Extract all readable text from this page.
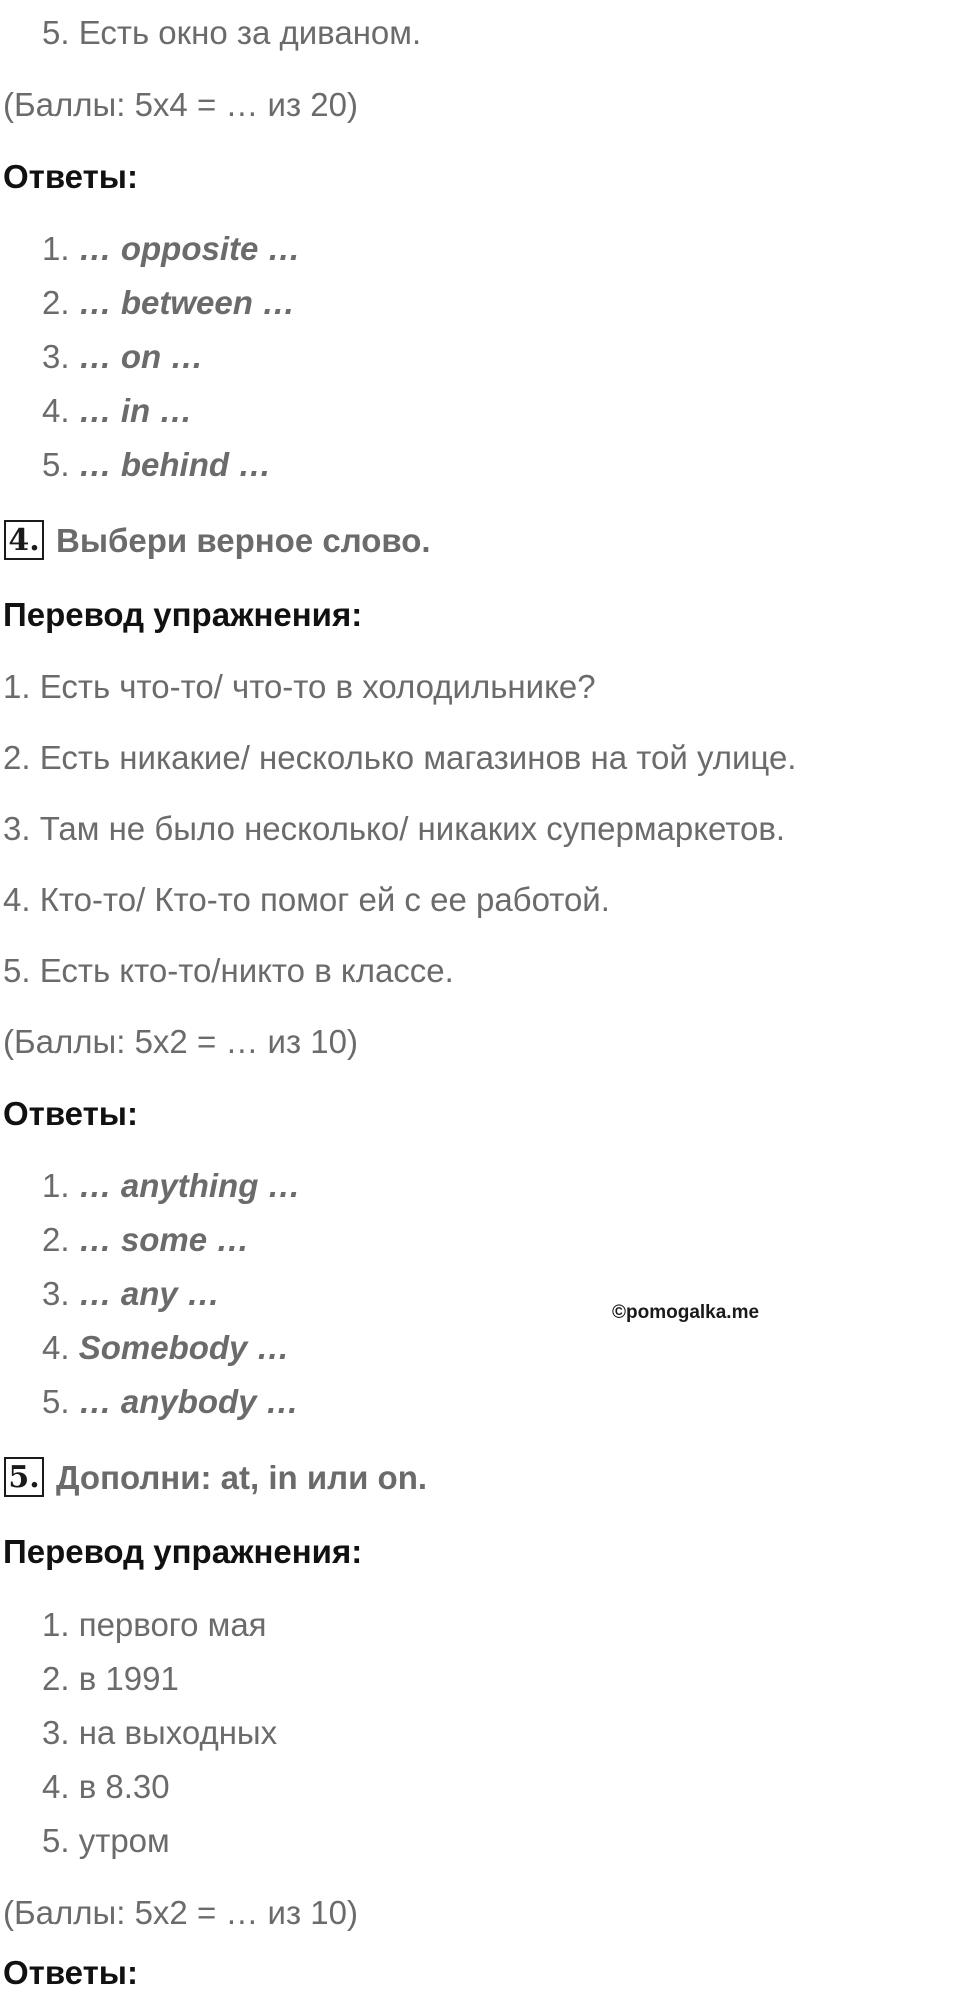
5. Есть окно за диваном.
(Баллы: 5х4 = … из 20)
Ответы:
1. … opposite …
2. … between …
3. … on …
4. … in …
5. … behind …
4. Выбери верное слово.
Перевод упражнения:
1. Есть что-то/ что-то в холодильнике?
2. Есть никакие/ несколько магазинов на той улице.
3. Там не было несколько/ никаких супермаркетов.
4. Кто-то/ Кто-то помог ей с ее работой.
5. Есть кто-то/никто в классе.
(Баллы: 5х2 = … из 10)
Ответы:
1. … anything …
2. … some …
3. … any …
4. Somebody …
5. … anybody …
©pomogalka.me
5. Дополни: at, in или on.
Перевод упражнения:
1. первого мая
2. в 1991
3. на выходных
4. в 8.30
5. утром
(Баллы: 5х2 = … из 10)
Ответы:
